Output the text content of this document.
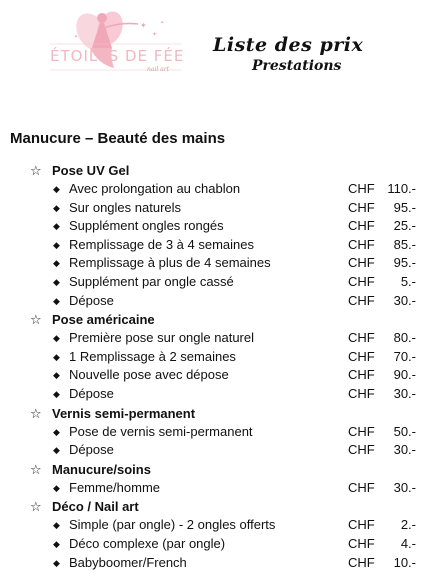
✦
✦
✦
✦
ÉTOILES DE FÉE
nail art
Liste des prix
Prestations
Manucure – Beauté des mains
☆ Pose UV Gel
◆ Avec prolongation au chablon	CHF 110.-
◆ Sur ongles naturels	CHF 95.-
◆ Supplément ongles rongés	CHF 25.-
◆ Remplissage de 3 à 4 semaines	CHF 85.-
◆ Remplissage à plus de 4 semaines	CHF 95.-
◆ Supplément par ongle cassé	CHF 5.-
◆ Dépose	CHF 30.-
☆ Pose américaine
◆ Première pose sur ongle naturel	CHF 80.-
◆ 1 Remplissage à 2 semaines	CHF 70.-
◆ Nouvelle pose avec dépose	CHF 90.-
◆ Dépose	CHF 30.-
☆ Vernis semi-permanent
◆ Pose de vernis semi-permanent	CHF 50.-
◆ Dépose	CHF 30.-
☆ Manucure/soins
◆ Femme/homme	CHF 30.-
☆ Déco / Nail art
◆ Simple (par ongle) - 2 ongles offerts	CHF 2.-
◆ Déco complexe (par ongle)	CHF 4.-
◆ Babyboomer/French	CHF 10.-
